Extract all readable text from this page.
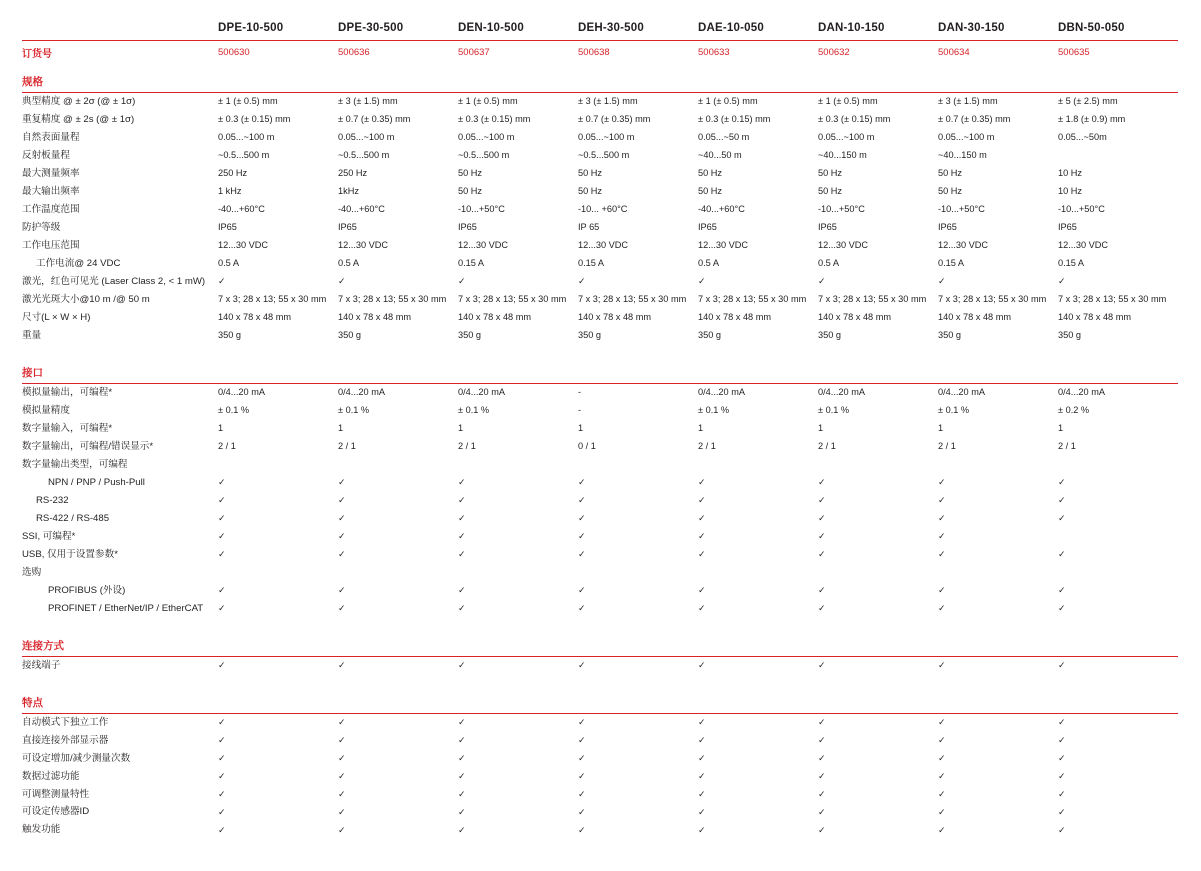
	DPE-10-500	DPE-30-500	DEN-10-500	DEH-30-500	DAE-10-050	DAN-10-150	DAN-30-150	DBN-50-050

订货号	500630	500636	500637	500638	500633	500632	500634	500635
规格								
典型精度 @ ± 2σ (@ ± 1σ)	± 1 (± 0.5) mm	± 3 (± 1.5) mm	± 1 (± 0.5) mm	± 3 (± 1.5) mm	± 1 (± 0.5) mm	± 1 (± 0.5) mm	± 3 (± 1.5) mm	± 5 (± 2.5) mm
重复精度 @ ± 2s (@ ± 1σ)	± 0.3 (± 0.15) mm	± 0.7 (± 0.35) mm	± 0.3 (± 0.15) mm	± 0.7 (± 0.35) mm	± 0.3 (± 0.15) mm	± 0.3 (± 0.15) mm	± 0.7 (± 0.35) mm	± 1.8 (± 0.9) mm
自然表面量程	0.05...~100 m	0.05...~100 m	0.05...~100 m	0.05...~100 m	0.05...~50 m	0.05...~100 m	0.05...~100 m	0.05...~50m
反射板量程	~0.5...500 m	~0.5...500 m	~0.5...500 m	~0.5...500 m	~40...50 m	~40...150 m	~40...150 m	
最大测量频率	250 Hz	250 Hz	50 Hz	50 Hz	50 Hz	50 Hz	50 Hz	10 Hz
最大输出频率	1 kHz	1kHz	50 Hz	50 Hz	50 Hz	50 Hz	50 Hz	10 Hz
工作温度范围	-40...+60°C	-40...+60°C	-10...+50°C	-10... +60°C	-40...+60°C	-10...+50°C	-10...+50°C	-10...+50°C
防护等级	IP65	IP65	IP65	IP 65	IP65	IP65	IP65	IP65
工作电压范围	12...30 VDC	12...30 VDC	12...30 VDC	12...30 VDC	12...30 VDC	12...30 VDC	12...30 VDC	12...30 VDC
工作电流@ 24 VDC	0.5 A	0.5 A	0.15 A	0.15 A	0.5 A	0.5 A	0.15 A	0.15 A
激光，红色可见光 (Laser Class 2, < 1 mW)	✓	✓	✓	✓	✓	✓	✓	✓
激光光斑大小@10 m /@ 50 m	7 x 3; 28 x 13; 55 x 30 mm	7 x 3; 28 x 13; 55 x 30 mm	7 x 3; 28 x 13; 55 x 30 mm	7 x 3; 28 x 13; 55 x 30 mm	7 x 3; 28 x 13; 55 x 30 mm	7 x 3; 28 x 13; 55 x 30 mm	7 x 3; 28 x 13; 55 x 30 mm	7 x 3; 28 x 13; 55 x 30 mm
尺寸(L × W × H)	140 x 78 x 48 mm	140 x 78 x 48 mm	140 x 78 x 48 mm	140 x 78 x 48 mm	140 x 78 x 48 mm	140 x 78 x 48 mm	140 x 78 x 48 mm	140 x 78 x 48 mm
重量	350 g	350 g	350 g	350 g	350 g	350 g	350 g	350 g

接口								
模拟量输出，可编程*	0/4...20 mA	0/4...20 mA	0/4...20 mA	-	0/4...20 mA	0/4...20 mA	0/4...20 mA	0/4...20 mA
模拟量精度	± 0.1 %	± 0.1 %	± 0.1 %	-	± 0.1 %	± 0.1 %	± 0.1 %	± 0.2 %
数字量输入，可编程*	1	1	1	1	1	1	1	1
数字量输出，可编程/错误显示*	2 / 1	2 / 1	2 / 1	0 / 1	2 / 1	2 / 1	2 / 1	2 / 1
数字量输出类型，可编程								
NPN / PNP / Push-Pull	✓	✓	✓	✓	✓	✓	✓	✓
RS-232	✓	✓	✓	✓	✓	✓	✓	✓
RS-422 / RS-485	✓	✓	✓	✓	✓	✓	✓	✓
SSI, 可编程*	✓	✓	✓	✓	✓	✓	✓	
USB, 仅用于设置参数*	✓	✓	✓	✓	✓	✓	✓	✓
选购								
PROFIBUS (外设)	✓	✓	✓	✓	✓	✓	✓	✓
PROFINET / EtherNet/IP / EtherCAT	✓	✓	✓	✓	✓	✓	✓	✓

连接方式								
接线端子	✓	✓	✓	✓	✓	✓	✓	✓

特点								
自动模式下独立工作	✓	✓	✓	✓	✓	✓	✓	✓
直接连接外部显示器	✓	✓	✓	✓	✓	✓	✓	✓
可设定增加/减少测量次数	✓	✓	✓	✓	✓	✓	✓	✓
数据过滤功能	✓	✓	✓	✓	✓	✓	✓	✓
可调整测量特性	✓	✓	✓	✓	✓	✓	✓	✓
可设定传感器ID	✓	✓	✓	✓	✓	✓	✓	✓
触发功能	✓	✓	✓	✓	✓	✓	✓	✓
